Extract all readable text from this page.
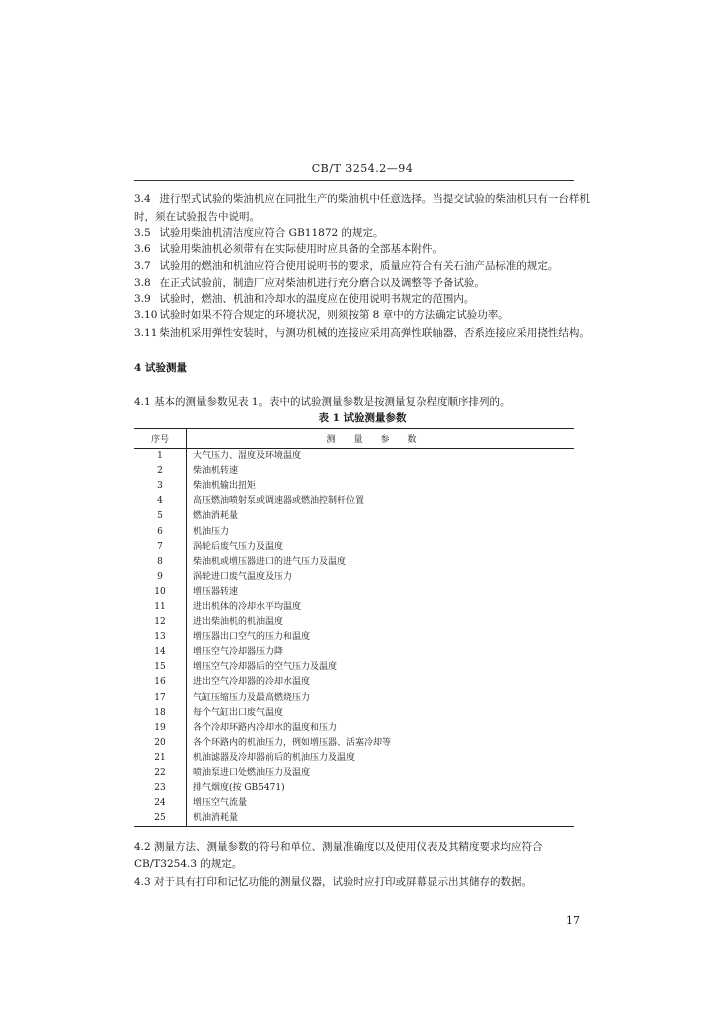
CB/T 3254.2—94
3.4 进行型式试验的柴油机应在同批生产的柴油机中任意选择。当提交试验的柴油机只有一台样机
时，须在试验报告中说明。
3.5 试验用柴油机清洁度应符合 GB11872 的规定。
3.6 试验用柴油机必须带有在实际使用时应具备的全部基本附件。
3.7 试验用的燃油和机油应符合使用说明书的要求，质量应符合有关石油产品标准的规定。
3.8 在正式试验前，制造厂应对柴油机进行充分磨合以及调整等予备试验。
3.9 试验时，燃油、机油和冷却水的温度应在使用说明书规定的范围内。
3.10 试验时如果不符合规定的环境状况，则须按第 8 章中的方法确定试验功率。
3.11 柴油机采用弹性安装时，与测功机械的连接应采用高弹性联轴器，否系连接应采用挠性结构。
4 试验测量
4.1 基本的测量参数见表 1。表中的试验测量参数是按测量复杂程度顺序排列的。
表 1 试验测量参数
序号	测量参数
1	大气压力、湿度及环境温度
2	柴油机转速
3	柴油机输出扭矩
4	高压燃油喷射泵或调速器或燃油控制杆位置
5	燃油消耗量
6	机油压力
7	涡轮后废气压力及温度
8	柴油机或增压器进口的进气压力及温度
9	涡轮进口废气温度及压力
10	增压器转速
11	进出机体的冷却水平均温度
12	进出柴油机的机油温度
13	增压器出口空气的压力和温度
14	增压空气冷却器压力降
15	增压空气冷却器后的空气压力及温度
16	进出空气冷却器的冷却水温度
17	气缸压缩压力及最高燃烧压力
18	每个气缸出口废气温度
19	各个冷却环路内冷却水的温度和压力
20	各个环路内的机油压力，例如增压器、活塞冷却等
21	机油滤器及冷却器前后的机油压力及温度
22	喷油泵进口处燃油压力及温度
23	排气烟度(按 GB5471)
24	增压空气流量
25	机油消耗量
4.2 测量方法、测量参数的符号和单位、测量准确度以及使用仪表及其精度要求均应符合
CB/T3254.3 的规定。
4.3 对于具有打印和记忆功能的测量仪器，试验时应打印或屏幕显示出其储存的数据。
17
